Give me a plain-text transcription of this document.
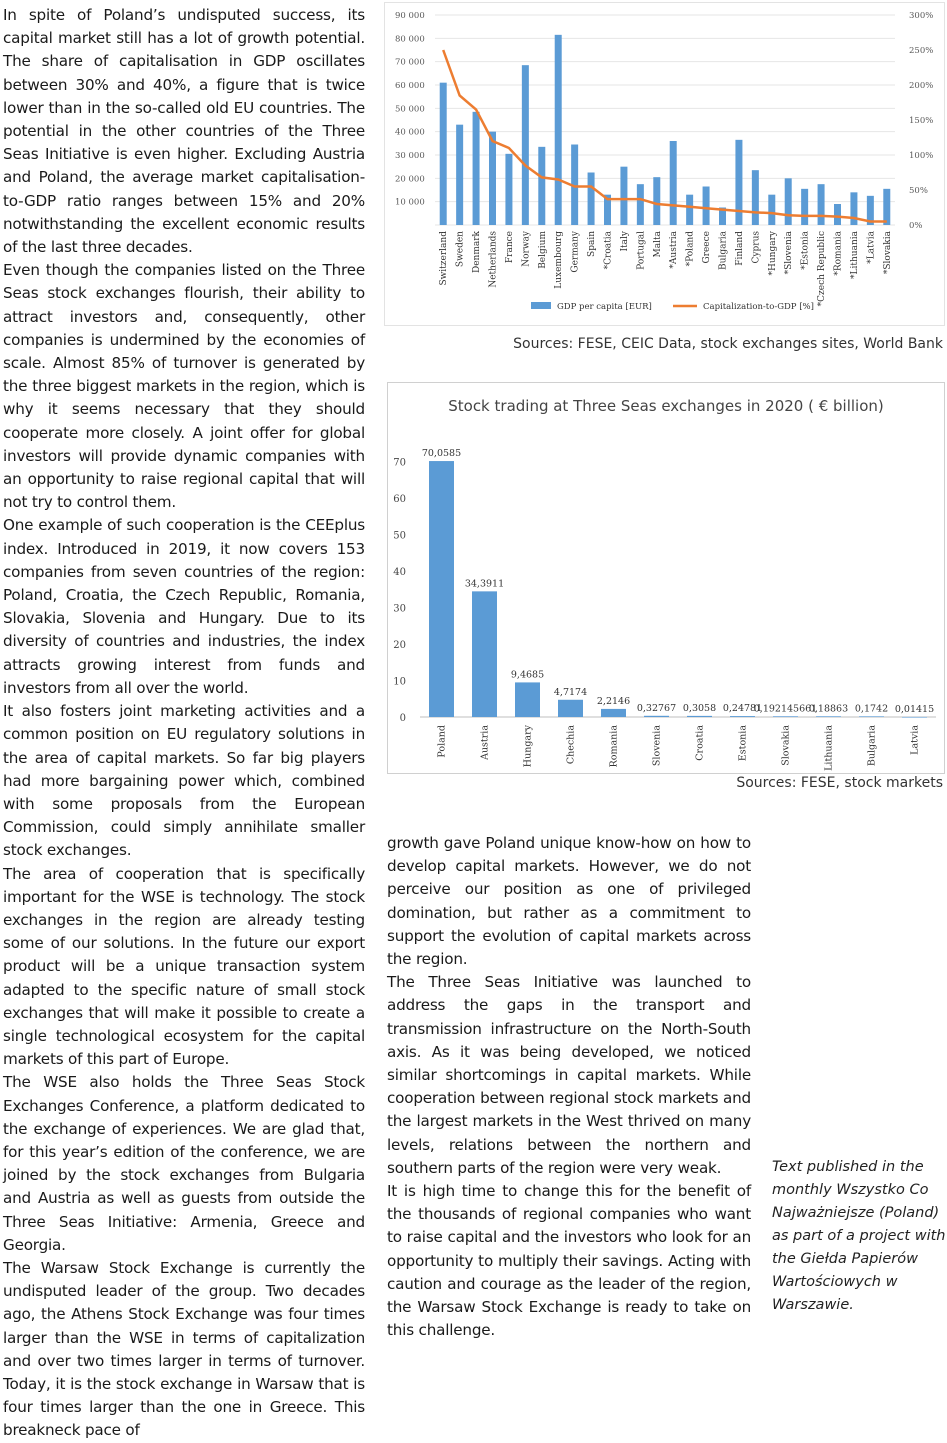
In spite of Poland’s undisputed success, its capital market still has a lot of growth potential. The share of capitalisation in GDP oscillates between 30% and 40%, a figure that is twice lower than in the so-called old EU countries. The potential in the other countries of the Three Seas Initiative is even higher. Excluding Austria and Poland, the average market capitalisation-to-GDP ratio ranges between 15% and 20% notwithstanding the excellent economic results of the last three decades.

Even though the companies listed on the Three Seas stock exchanges flourish, their ability to attract investors and, consequently, other companies is undermined by the economies of scale. Almost 85% of turnover is generated by the three biggest markets in the region, which is why it seems necessary that they should cooperate more closely. A joint offer for global investors will provide dynamic companies with an opportunity to raise regional capital that will not try to control them.

One example of such cooperation is the CEEplus index. Introduced in 2019, it now covers 153 companies from seven countries of the region: Poland, Croatia, the Czech Republic, Romania, Slovakia, Slovenia and Hungary. Due to its diversity of countries and industries, the index attracts growing interest from funds and investors from all over the world.

It also fosters joint marketing activities and a common position on EU regulatory solutions in the area of capital markets. So far big players had more bargaining power which, combined with some proposals from the European Commission, could simply annihilate smaller stock exchanges.

The area of cooperation that is specifically important for the WSE is technology. The stock exchanges in the region are already testing some of our solutions. In the future our export product will be a unique transaction system adapted to the specific nature of small stock exchanges that will make it possible to create a single technological ecosystem for the capital markets of this part of Europe.

The WSE also holds the Three Seas Stock Exchanges Conference, a platform dedicated to the exchange of experiences. We are glad that, for this year’s edition of the conference, we are joined by the stock exchanges from Bulgaria and Austria as well as guests from outside the Three Seas Initiative: Armenia, Greece and Georgia.

The Warsaw Stock Exchange is currently the undisputed leader of the group. Two decades ago, the Athens Stock Exchange was four times larger than the WSE in terms of capitalization and over two times larger in terms of turnover. Today, it is the stock exchange in Warsaw that is four times larger than the one in Greece. This breakneck pace of

growth gave Poland unique know-how on how to develop capital markets. However, we do not perceive our position as one of privileged domination, but rather as a commitment to support the evolution of capital markets across the region.

The Three Seas Initiative was launched to address the gaps in the transport and transmission infrastructure on the North-South axis. As it was being developed, we noticed similar shortcomings in capital markets. While cooperation between regional stock markets and the largest markets in the West thrived on many levels, relations between the northern and southern parts of the region were very weak.

It is high time to change this for the benefit of the thousands of regional companies who want to raise capital and the investors who look for an opportunity to multiply their savings. Acting with caution and courage as the leader of the region, the Warsaw Stock Exchange is ready to take on this challenge.

10 000
20 000
30 000
40 000
50 000
60 000
70 000
80 000
90 000
0%
50%
100%
150%
200%
250%
300%
Switzerland Sweden Denmark Netherlands France Norway Belgium Luxembourg Germany Spain *Croatia Italy Portugal Malta *Austria *Poland Greece Bulgaria Finland Cyprus *Hungary *Slovenia *Estonia *Czech Republic *Romania *Lithuania *Latvia *Slovakia
GDP per capita [EUR]	Capitalization-to-GDP [%]
Sources: FESE, CEIC Data, stock exchanges sites, World Bank
Stock trading at Three Seas exchanges in 2020 ( € billion)
0
10
20
30
40
50
60
70
70,0585
Poland
34,3911
Austria
9,4685
Hungary
4,7174
Chechia
2,2146
Romania
0,32767
Slovenia
0,3058
Croatia
0,24781
Estonia
0,192145661
Slovakia
0,18863
Lithuania
0,1742
Bulgaria
0,01415
Latvia
Sources: FESE, stock markets
Text published in the monthly Wszystko Co Najważniejsze (Poland) as part of a project with the Giełda Papierów Wartościowych w Warszawie.
